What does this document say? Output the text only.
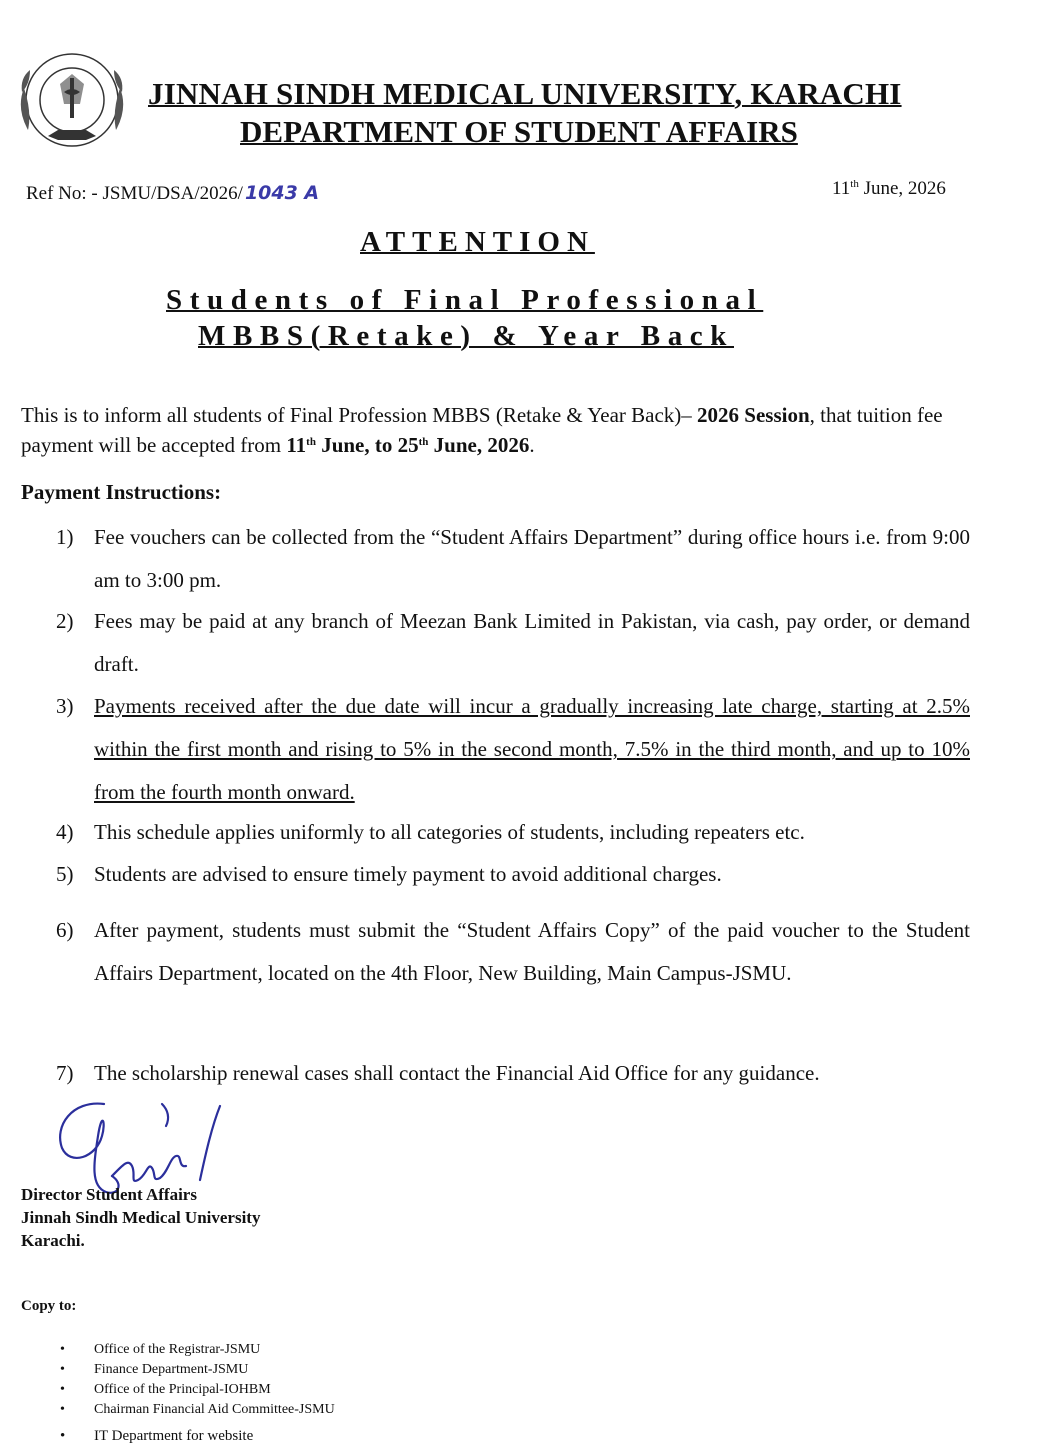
JINNAH SINDH MEDICAL UNIVERSITY, KARACHI
DEPARTMENT OF STUDENT AFFAIRS
Ref No: - JSMU/DSA/2026/ 1043 A	11th June, 2026
ATTENTION
Students of Final Professional
MBBS(Retake) & Year Back
This is to inform all students of Final Profession MBBS (Retake & Year Back)– 2026 Session, that tuition fee payment will be accepted from 11th June, to 25th June, 2026.
Payment Instructions:
1) Fee vouchers can be collected from the “Student Affairs Department” during office hours i.e. from 9:00 am to 3:00 pm.
2) Fees may be paid at any branch of Meezan Bank Limited in Pakistan, via cash, pay order, or demand draft.
3) Payments received after the due date will incur a gradually increasing late charge, starting at 2.5% within the first month and rising to 5% in the second month, 7.5% in the third month, and up to 10% from the fourth month onward.
4) This schedule applies uniformly to all categories of students, including repeaters etc.
5) Students are advised to ensure timely payment to avoid additional charges.
6) After payment, students must submit the “Student Affairs Copy” of the paid voucher to the Student Affairs Department, located on the 4th Floor, New Building, Main Campus-JSMU.
7) The scholarship renewal cases shall contact the Financial Aid Office for any guidance.
Director Student Affairs
Jinnah Sindh Medical University
Karachi.
Copy to:
• Office of the Registrar-JSMU
• Finance Department-JSMU
• Office of the Principal-IOHBM
• Chairman Financial Aid Committee-JSMU
• IT Department for website
